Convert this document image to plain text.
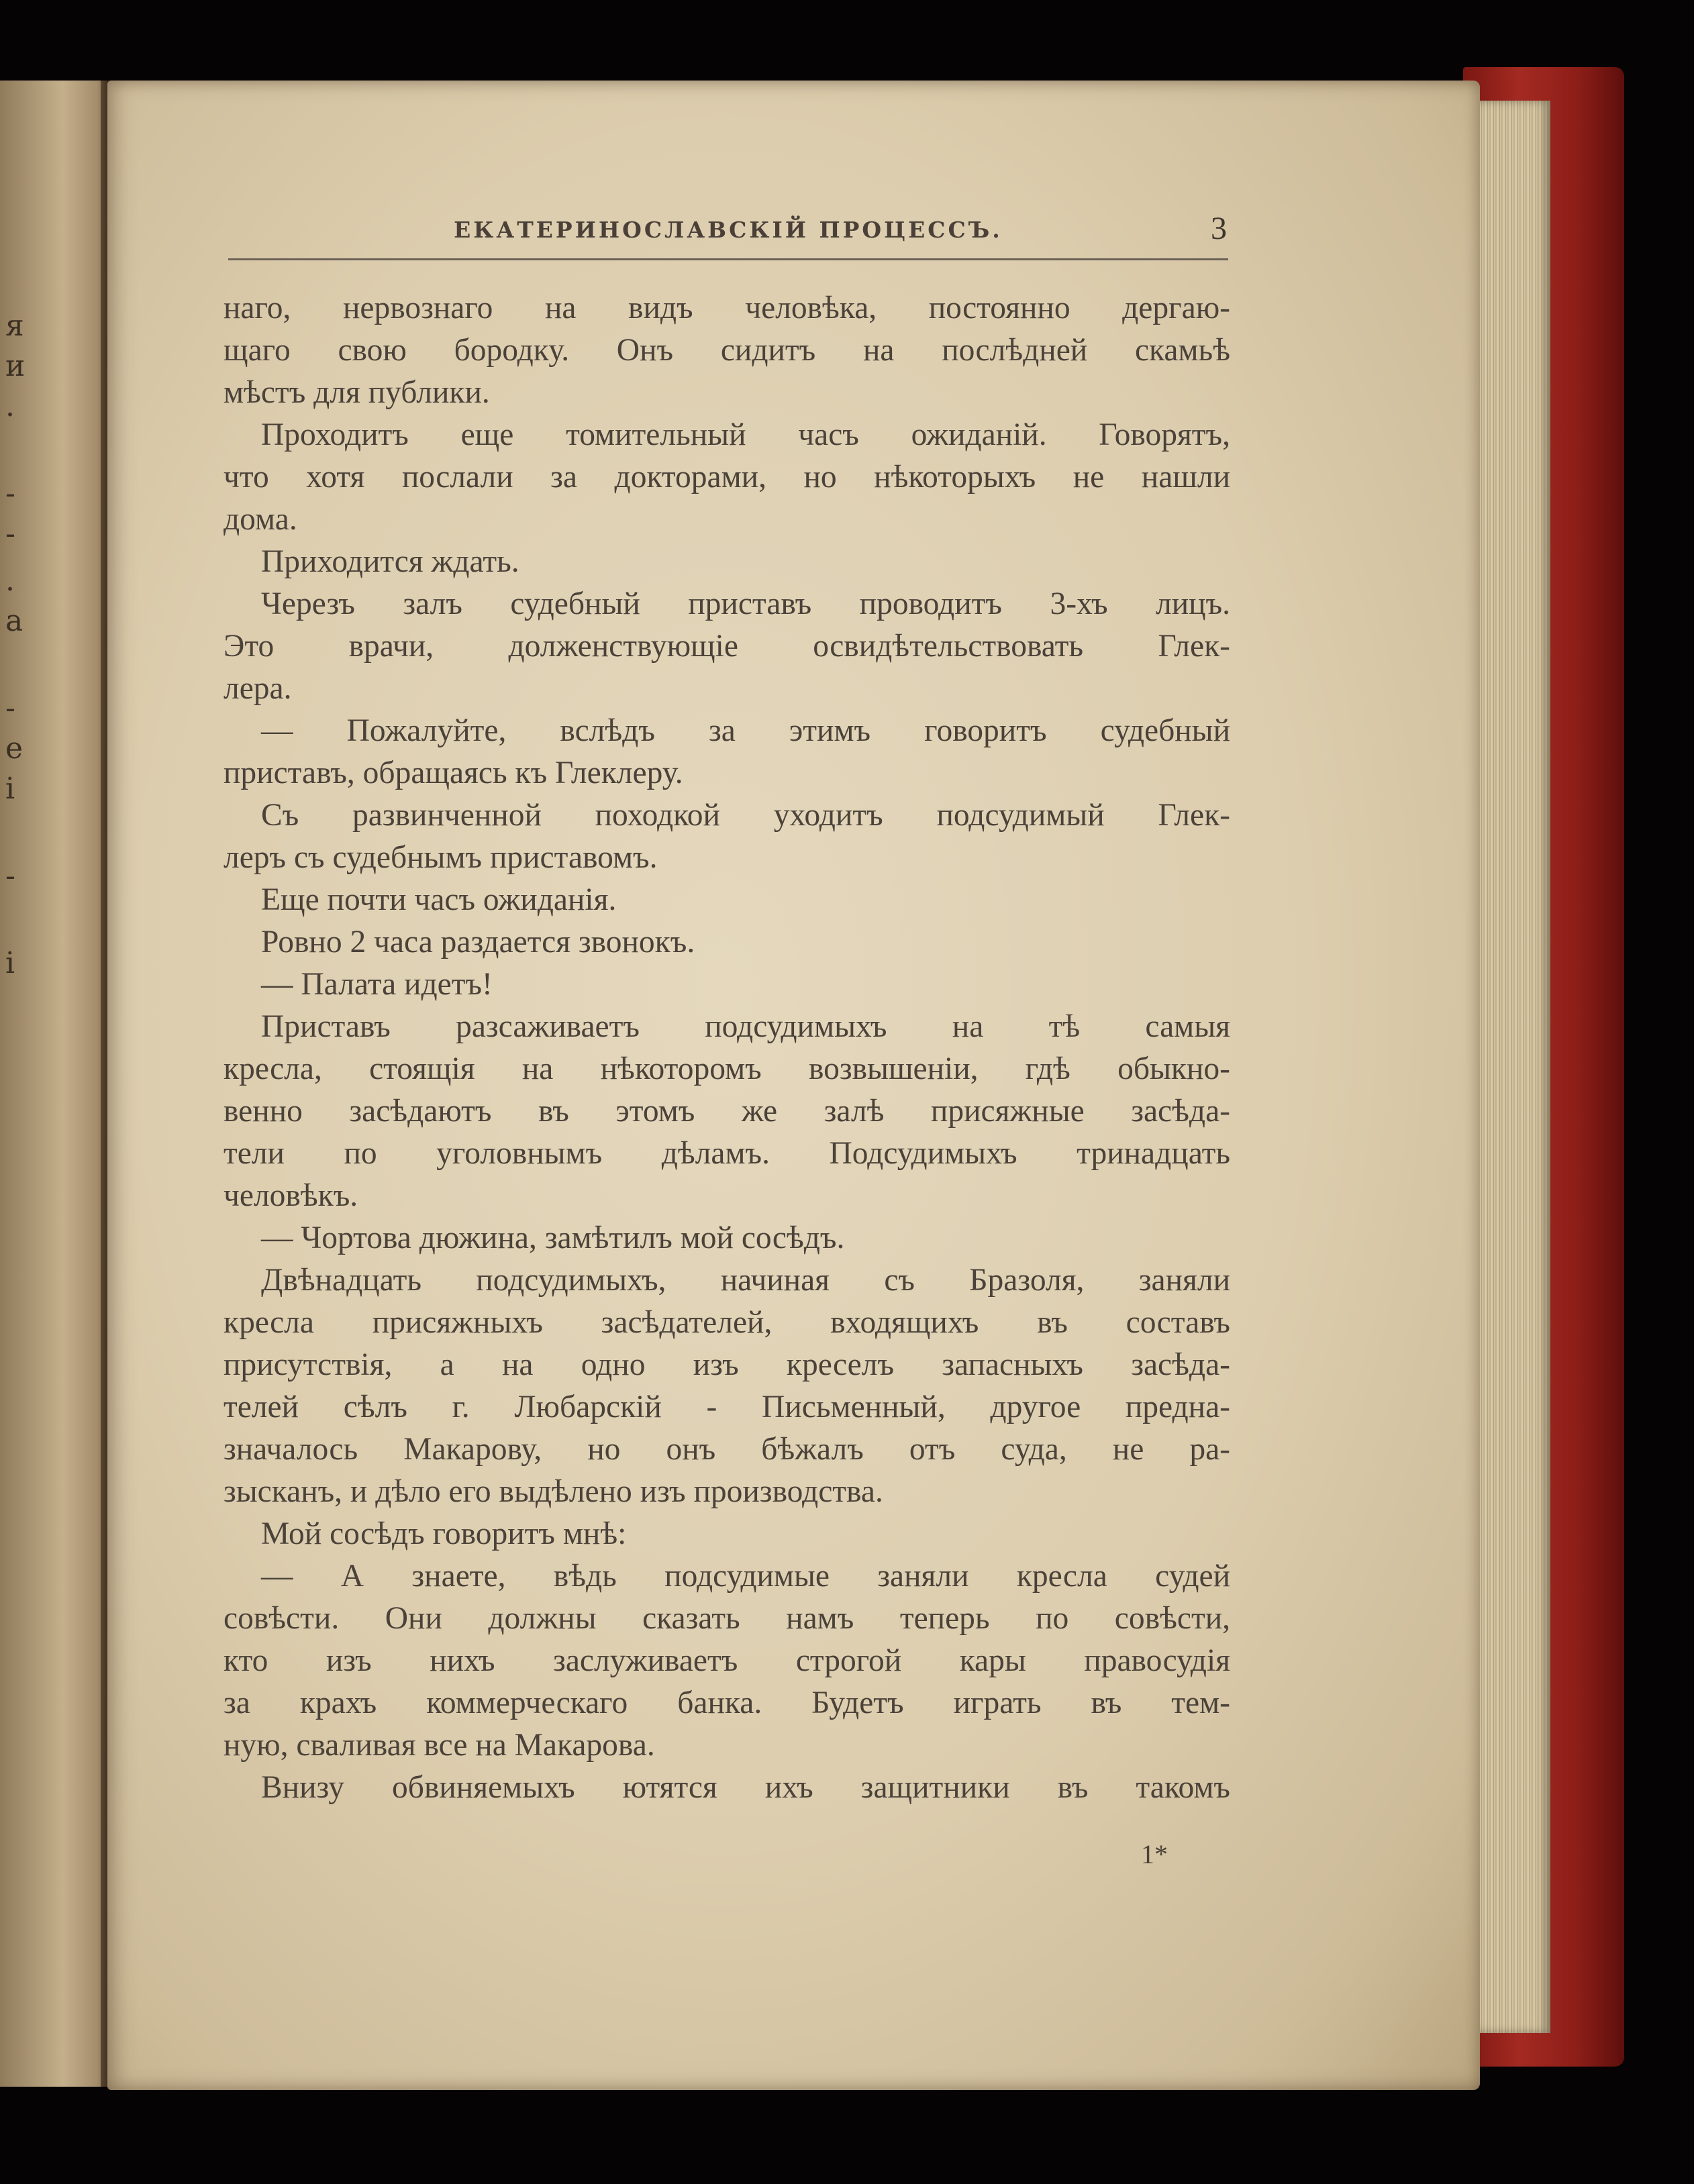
я
и
.
-
-
.
а
-
е
і
-
і
ЕКАТЕРИНОСЛАВСКІЙ ПРОЦЕССЪ.	3
наго, нервознаго на видъ человѣка, постоянно дергаю-
щаго свою бородку. Онъ сидитъ на послѣдней скамьѣ
мѣстъ для публики.
Проходитъ еще томительный часъ ожиданій. Говорятъ,
что хотя послали за докторами, но нѣкоторыхъ не нашли
дома.
Приходится ждать.
Черезъ залъ судебный приставъ проводитъ 3-хъ лицъ.
Это врачи, долженствующіе освидѣтельствовать Глек-
лера.
— Пожалуйте, вслѣдъ за этимъ говоритъ судебный
приставъ, обращаясь къ Глеклеру.
Съ развинченной походкой уходитъ подсудимый Глек-
леръ съ судебнымъ приставомъ.
Еще почти часъ ожиданія.
Ровно 2 часа раздается звонокъ.
— Палата идетъ!
Приставъ разсаживаетъ подсудимыхъ на тѣ самыя
кресла, стоящія на нѣкоторомъ возвышеніи, гдѣ обыкно-
венно засѣдаютъ въ этомъ же залѣ присяжные засѣда-
тели по уголовнымъ дѣламъ. Подсудимыхъ тринадцать
человѣкъ.
— Чортова дюжина, замѣтилъ мой сосѣдъ.
Двѣнадцать подсудимыхъ, начиная съ Бразоля, заняли
кресла присяжныхъ засѣдателей, входящихъ въ составъ
присутствія, а на одно изъ креселъ запасныхъ засѣда-
телей сѣлъ г. Любарскій - Письменный, другое предна-
значалось Макарову, но онъ бѣжалъ отъ суда, не ра-
зысканъ, и дѣло его выдѣлено изъ производства.
Мой сосѣдъ говоритъ мнѣ:
— А знаете, вѣдь подсудимые заняли кресла судей
совѣсти. Они должны сказать намъ теперь по совѣсти,
кто изъ нихъ заслуживаетъ строгой кары правосудія
за крахъ коммерческаго банка. Будетъ играть въ тем-
ную, сваливая все на Макарова.
Внизу обвиняемыхъ ютятся ихъ защитники въ такомъ
1*
